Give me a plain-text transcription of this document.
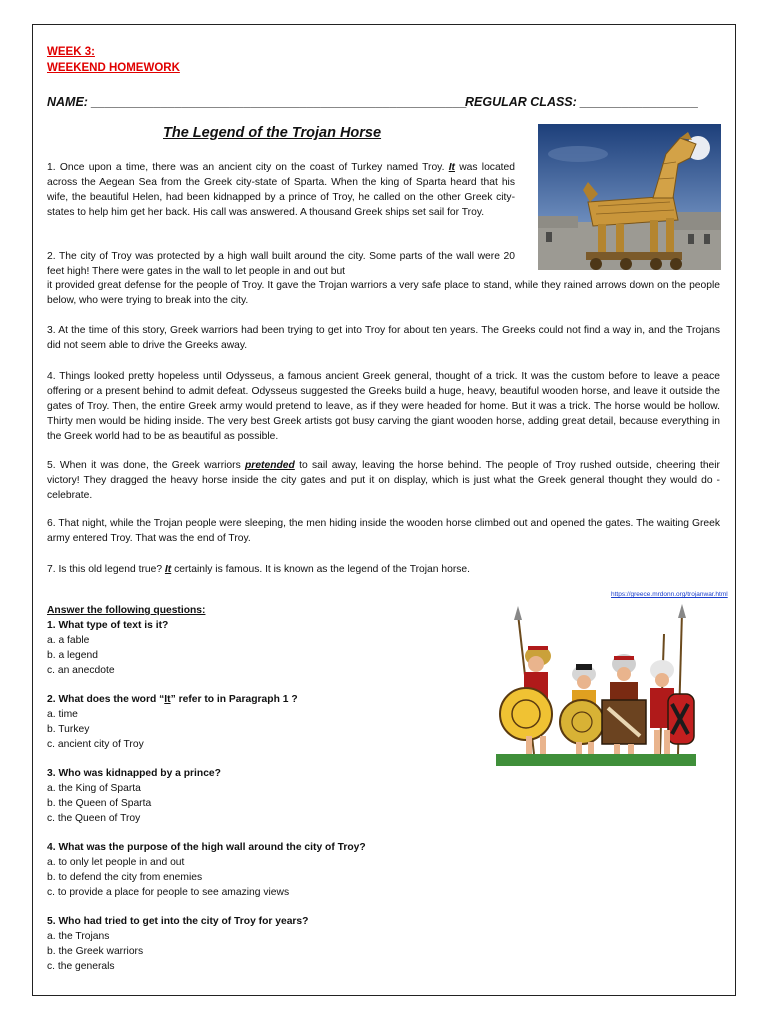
WEEK 3:
WEEKEND HOMEWORK
NAME: ______________________________________________________
REGULAR CLASS: _________________
The Legend of the Trojan Horse

1. Once upon a time, there was an ancient city on the coast of Turkey named Troy. It was located across the Aegean Sea from the Greek city-state of Sparta. When the king of Sparta heard that his wife, the beautiful Helen, had been kidnapped by a prince of Troy, he called on the other Greek city-states to help him get her back. His call was answered. A thousand Greek ships set sail for Troy.

2. The city of Troy was protected by a high wall built around the city. Some parts of the wall were 20 feet high! There were gates in the wall to let people in and out but

it provided great defense for the people of Troy. It gave the Trojan warriors a very safe place to stand, while they rained arrows down on the people below, who were trying to break into the city.

3. At the time of this story, Greek warriors had been trying to get into Troy for about ten years. The Greeks could not find a way in, and the Trojans did not seem able to drive the Greeks away.

4. Things looked pretty hopeless until Odysseus, a famous ancient Greek general, thought of a trick. It was the custom before to leave a peace offering or a present behind to admit defeat. Odysseus suggested the Greeks build a huge, heavy, beautiful wooden horse, and leave it outside the gates of Troy. Then, the entire Greek army would pretend to leave, as if they were headed for home. But it was a trick. The horse would be hollow. Thirty men would be hiding inside. The very best Greek artists got busy carving the giant wooden horse, adding great detail, because everything in the Greek world had to be as beautiful as possible.

5. When it was done, the Greek warriors pretended to sail away, leaving the horse behind. The people of Troy rushed outside, cheering their victory! They dragged the heavy horse inside the city gates and put it on display, which is just what the Greek general thought they would do - celebrate.

6. That night, while the Trojan people were sleeping, the men hiding inside the wooden horse climbed out and opened the gates. The waiting Greek army entered Troy. That was the end of Troy.

7. Is this old legend true? It certainly is famous. It is known as the legend of the Trojan horse.

https://greece.mrdonn.org/trojanwar.html
Answer the following questions:
1. What type of text is it?
a. a fable
b. a legend
c. an anecdote
2. What does the word “It” refer to in Paragraph 1 ?
a. time
b. Turkey
c. ancient city of Troy
3. Who was kidnapped by a prince?
a. the King of Sparta
b. the Queen of Sparta
c. the Queen of Troy
4. What was the purpose of the high wall around the city of Troy?
a. to only let people in and out
b. to defend the city from enemies
c. to provide a place for people to see amazing views
5. Who had tried to get into the city of Troy for years?
a. the Trojans
b. the Greek warriors
c. the generals
